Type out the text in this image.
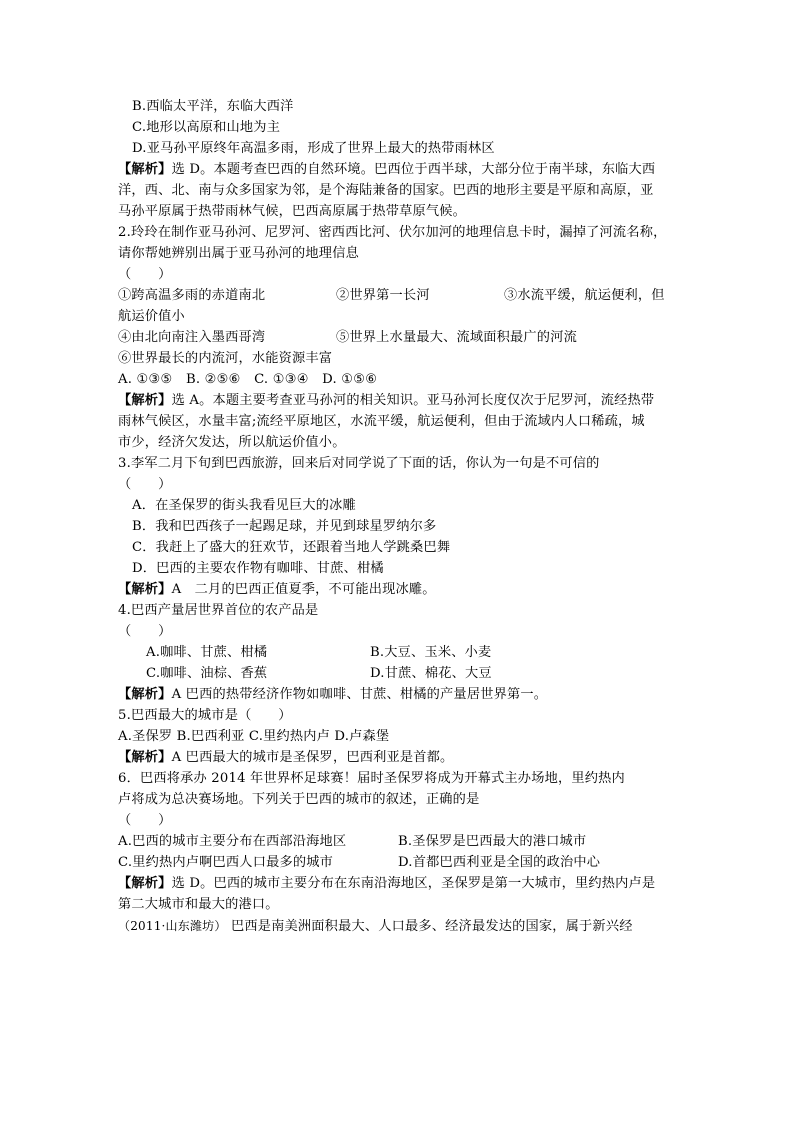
B.西临太平洋，东临大西洋
C.地形以高原和山地为主
D.亚马孙平原终年高温多雨，形成了世界上最大的热带雨林区
【解析】选 D。本题考查巴西的自然环境。巴西位于西半球，大部分位于南半球，东临大西
洋，西、北、南与众多国家为邻，是个海陆兼备的国家。巴西的地形主要是平原和高原，亚
马孙平原属于热带雨林气候，巴西高原属于热带草原气候。
2.玲玲在制作亚马孙河、尼罗河、密西西比河、伏尔加河的地理信息卡时，漏掉了河流名称，
请你帮她辨别出属于亚马孙河的地理信息
（　　）
①跨高温多雨的赤道南北	②世界第一长河	③水流平缓，航运便利，但
航运价值小
④由北向南注入墨西哥湾	⑤世界上水量最大、流域面积最广的河流
⑥世界最长的内流河，水能资源丰富
A. ①③⑤　B. ②⑤⑥　C. ①③④　D. ①⑤⑥
【解析】选 A。本题主要考查亚马孙河的相关知识。亚马孙河长度仅次于尼罗河，流经热带
雨林气候区，水量丰富;流经平原地区，水流平缓，航运便利，但由于流域内人口稀疏，城
市少，经济欠发达，所以航运价值小。
3.李军二月下旬到巴西旅游，回来后对同学说了下面的话，你认为一句是不可信的
（　　）
A．在圣保罗的街头我看见巨大的冰雕
B．我和巴西孩子一起踢足球，并见到球星罗纳尔多
C．我赶上了盛大的狂欢节，还跟着当地人学跳桑巴舞
D．巴西的主要农作物有咖啡、甘蔗、柑橘
【解析】A　二月的巴西正值夏季，不可能出现冰雕。
4.巴西产量居世界首位的农产品是
（　　）
A.咖啡、甘蔗、柑橘	B.大豆、玉米、小麦
C.咖啡、油棕、香蕉	D.甘蔗、棉花、大豆
【解析】A 巴西的热带经济作物如咖啡、甘蔗、柑橘的产量居世界第一。
5.巴西最大的城市是（　　）
A.圣保罗 B.巴西利亚 C.里约热内卢 D.卢森堡
【解析】A 巴西最大的城市是圣保罗，巴西利亚是首都。
6．巴西将承办 2014 年世界杯足球赛！届时圣保罗将成为开幕式主办场地，里约热内
卢将成为总决赛场地。下列关于巴西的城市的叙述，正确的是
（　　）
A.巴西的城市主要分布在西部沿海地区	B.圣保罗是巴西最大的港口城市
C.里约热内卢啊巴西人口最多的城市	D.首都巴西利亚是全国的政治中心
【解析】选 D。巴西的城市主要分布在东南沿海地区，圣保罗是第一大城市，里约热内卢是
第二大城市和最大的港口。
（2011·山东潍坊） 巴西是南美洲面积最大、人口最多、经济最发达的国家，属于新兴经
